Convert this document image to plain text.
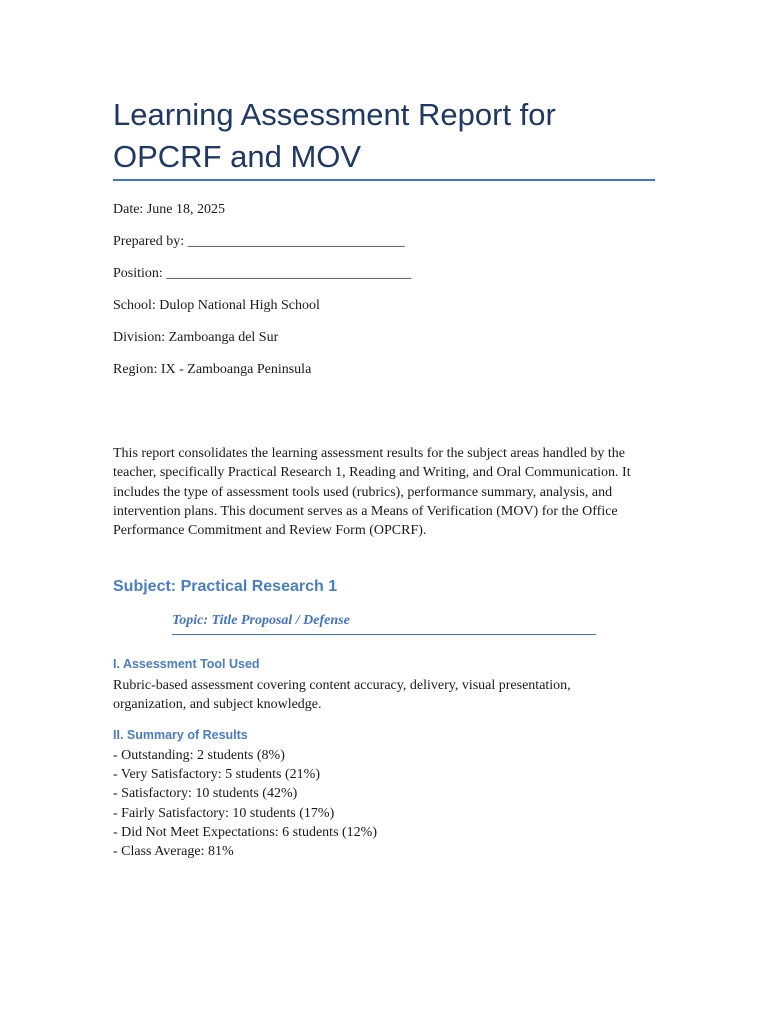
Learning Assessment Report for OPCRF and MOV

Date: June 18, 2025

Prepared by: _______________________________

Position: ___________________________________

School: Dulop National High School

Division: Zamboanga del Sur

Region: IX - Zamboanga Peninsula

This report consolidates the learning assessment results for the subject areas handled by the teacher, specifically Practical Research 1, Reading and Writing, and Oral Communication. It includes the type of assessment tools used (rubrics), performance summary, analysis, and intervention plans. This document serves as a Means of Verification (MOV) for the Office Performance Commitment and Review Form (OPCRF).

Subject: Practical Research 1
Topic: Title Proposal / Defense
I. Assessment Tool Used

Rubric-based assessment covering content accuracy, delivery, visual presentation, organization, and subject knowledge.

II. Summary of Results
- Outstanding: 2 students (8%)
- Very Satisfactory: 5 students (21%)
- Satisfactory: 10 students (42%)
- Fairly Satisfactory: 10 students (17%)
- Did Not Meet Expectations: 6 students (12%)
- Class Average: 81%
